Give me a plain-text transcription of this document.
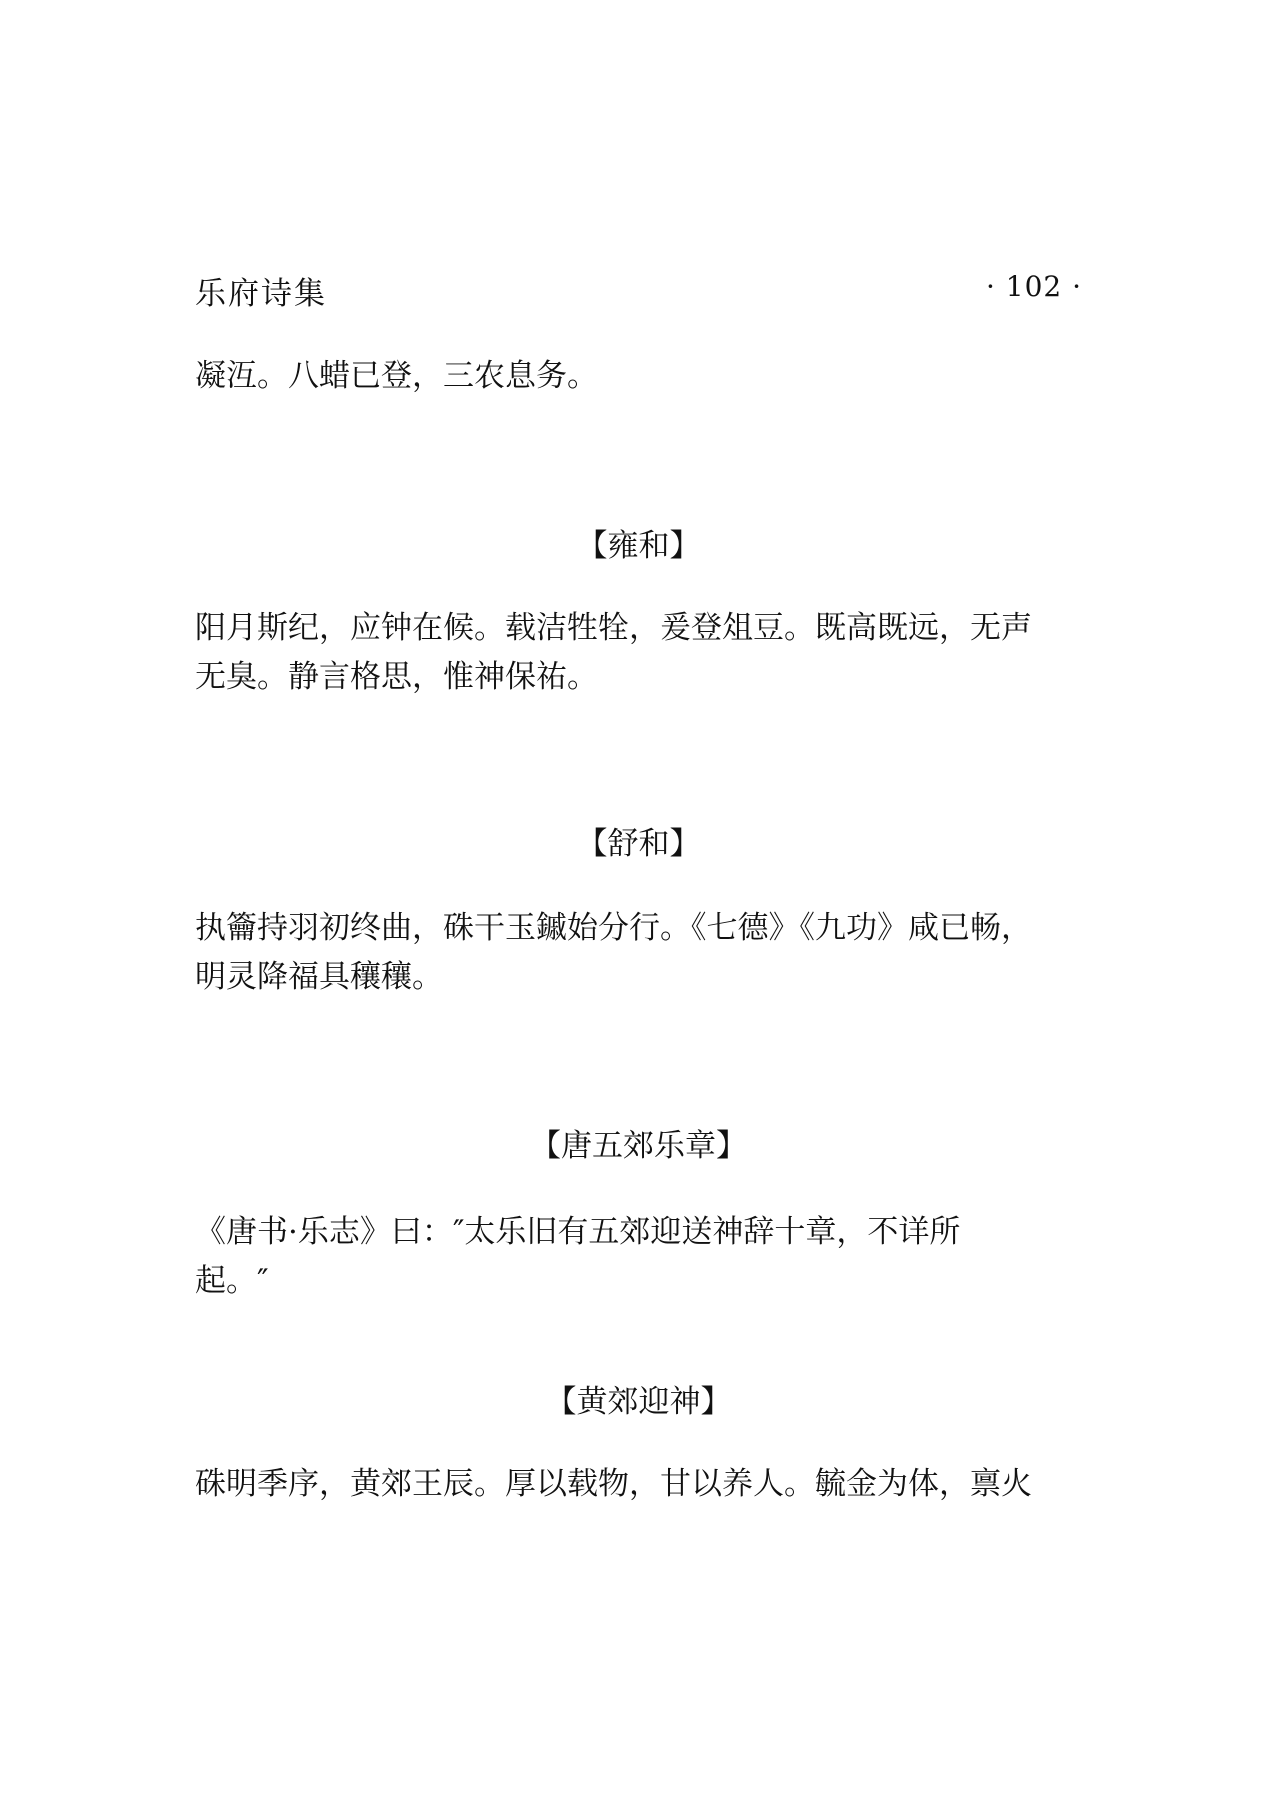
乐府诗集	· 102 ·

凝沍。八蜡已登，三农息务。

【雍和】

阳月斯纪，应钟在候。载洁牲牷，爰登俎豆。既高既远，无声
无臭。静言格思，惟神保祐。

【舒和】

执籥持羽初终曲，硃干玉鏚始分行。《七德》《九功》咸已畅，
明灵降福具穰穰。

【唐五郊乐章】

《唐书·乐志》曰：″太乐旧有五郊迎送神辞十章，不详所
起。″

【黄郊迎神】

硃明季序，黄郊王辰。厚以载物，甘以养人。毓金为体，禀火
